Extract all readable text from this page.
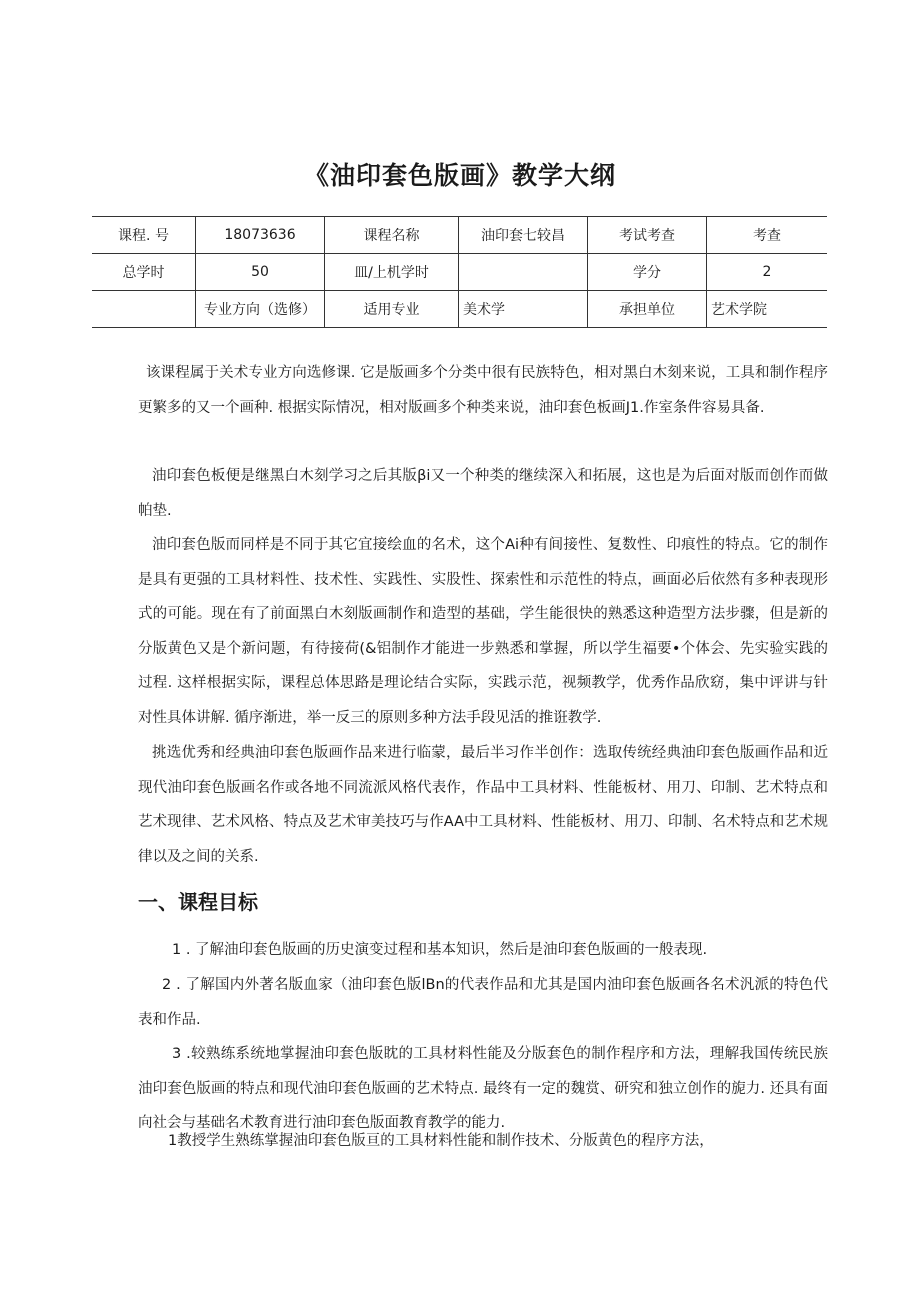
《油印套色版画》教学大纲
课程. 号	18073636	课程名称	油印套七较昌	考试考查	考查
总学时	50	皿/上机学时		学分	2
	专业方向（选修）	适用专业	美术学	承担单位	艺术学院

该课程属于关术专业方向选修课. 它是版画多个分类中很有民族特色，相对黑白木刻来说，工具和制作程序更繁多的又一个画种. 根据实际情况，相对版画多个种类来说，油印套色板画J1.作室条件容易具备.

油印套色板便是继黑白木刻学习之后其版βi又一个种类的继续深入和拓展，这也是为后面对版而创作而做帕垫.

油印套色版而同样是不同于其它宜接绘血的名术，这个Ai种有间接性、复数性、印痕性的特点。它的制作是具有更强的工具材料性、技术性、实践性、实股性、探索性和示范性的特点，画面必后依然有多种表现形式的可能。现在有了前面黑白木刻版画制作和造型的基础，学生能很快的熟悉这种造型方法步骤，但是新的分版黄色又是个新问题，有待接荷(&铝制作才能进一步熟悉和掌握，所以学生福要•个体会、先实验实践的过程. 这样根据实际，课程总体思路是理论结合实际，实践示范，视频教学，优秀作品欣窈，集中评讲与针对性具体讲解. 循序渐进，举一反三的原则多种方法手段见活的推诳教学.

挑选优秀和经典油印套色版画作品来进行临蒙，最后半习作半创作：选取传统经典油印套色版画作品和近现代油印套色版画名作或各地不同流派风格代表作，作品中工具材料、性能板材、用刀、印制、艺术特点和艺术现律、艺术风格、特点及艺术审美技巧与作AA中工具材料、性能板材、用刀、印制、名术特点和艺术规律以及之间的关系.

一、课程目标

1 . 了解油印套色版画的历史演变过程和基本知识，然后是油印套色版画的一般表现.

2 . 了解国内外著名版血家（油印套色版lBn的代表作品和尤其是国内油印套色版画各名术汎派的特色代表和作品.

3 .较熟练系统地掌握油印套色版眈的工具材料性能及分版套色的制作程序和方法，理解我国传统民族油印套色版画的特点和现代油印套色版画的艺术特点. 最终有一定的魏赏、研究和独立创作的旎力. 还具有面向社会与基础名术教育进行油印套色版面教育教学的能力.

1教授学生熟练掌握油印套色版亘的工具材料性能和制作技术、分版黄色的程序方法，
